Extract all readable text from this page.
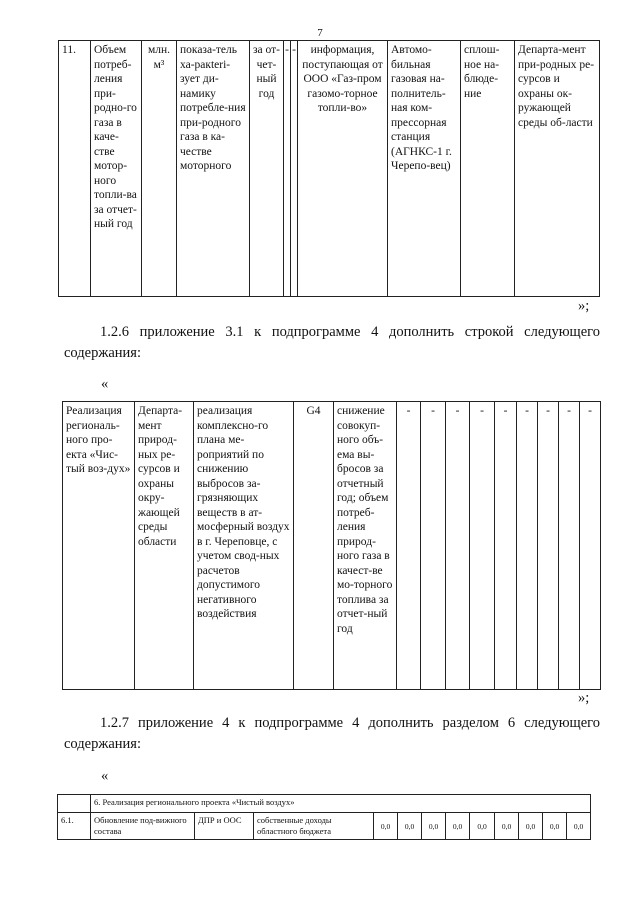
7
11.	Объем потреб-ления при-родно-го газа в каче-стве мотор-ного топли-ва за отчет-ный год	млн. м³	показа-тель ха-ракteri-зует ди-намику потребле-ния при-родного газа в ка-честве моторного	за от-чет-ный год	-	-	информация, поступающая от ООО «Газ-пром газомо-торное топли-во»	Автомо-бильная газовая на-полнитель-ная ком-прессорная станция (АГНКС-1 г. Черепо-вец)	сплош-ное на-блюде-ние	Департа-мент при-родных ре-сурсов и охраны ок-ружающей среды об-ласти
»;
1.2.6 приложение 3.1 к подпрограмме 4 дополнить строкой следующего содержания:
«
Реализация региональ-ного про-екта «Чис-тый воз-дух»	Департа-мент природ-ных ре-сурсов и охраны окру-жающей среды области	реализация комплексно-го плана ме-роприятий по снижению выбросов за-грязняющих веществ в ат-мосферный воздух в г. Череповце, с учетом свод-ных расчетов допустимого негативного воздействия	G4	снижение совокуп-ного объ-ема вы-бросов за отчетный год; объем потреб-ления природ-ного газа в качест-ве мо-торного топлива за отчет-ный год	-	-	-	-	-	-	-	-	-
»;
1.2.7 приложение 4 к подпрограмме 4 дополнить разделом 6 следующего содержания:
«
	6. Реализация регионального проекта «Чистый воздух»											
6.1.	Обновление под-вижного состава	ДПР и ООС	собственные доходы областного бюджета	0,0	0,0	0,0	0,0	0,0	0,0	0,0	0,0	0,0
